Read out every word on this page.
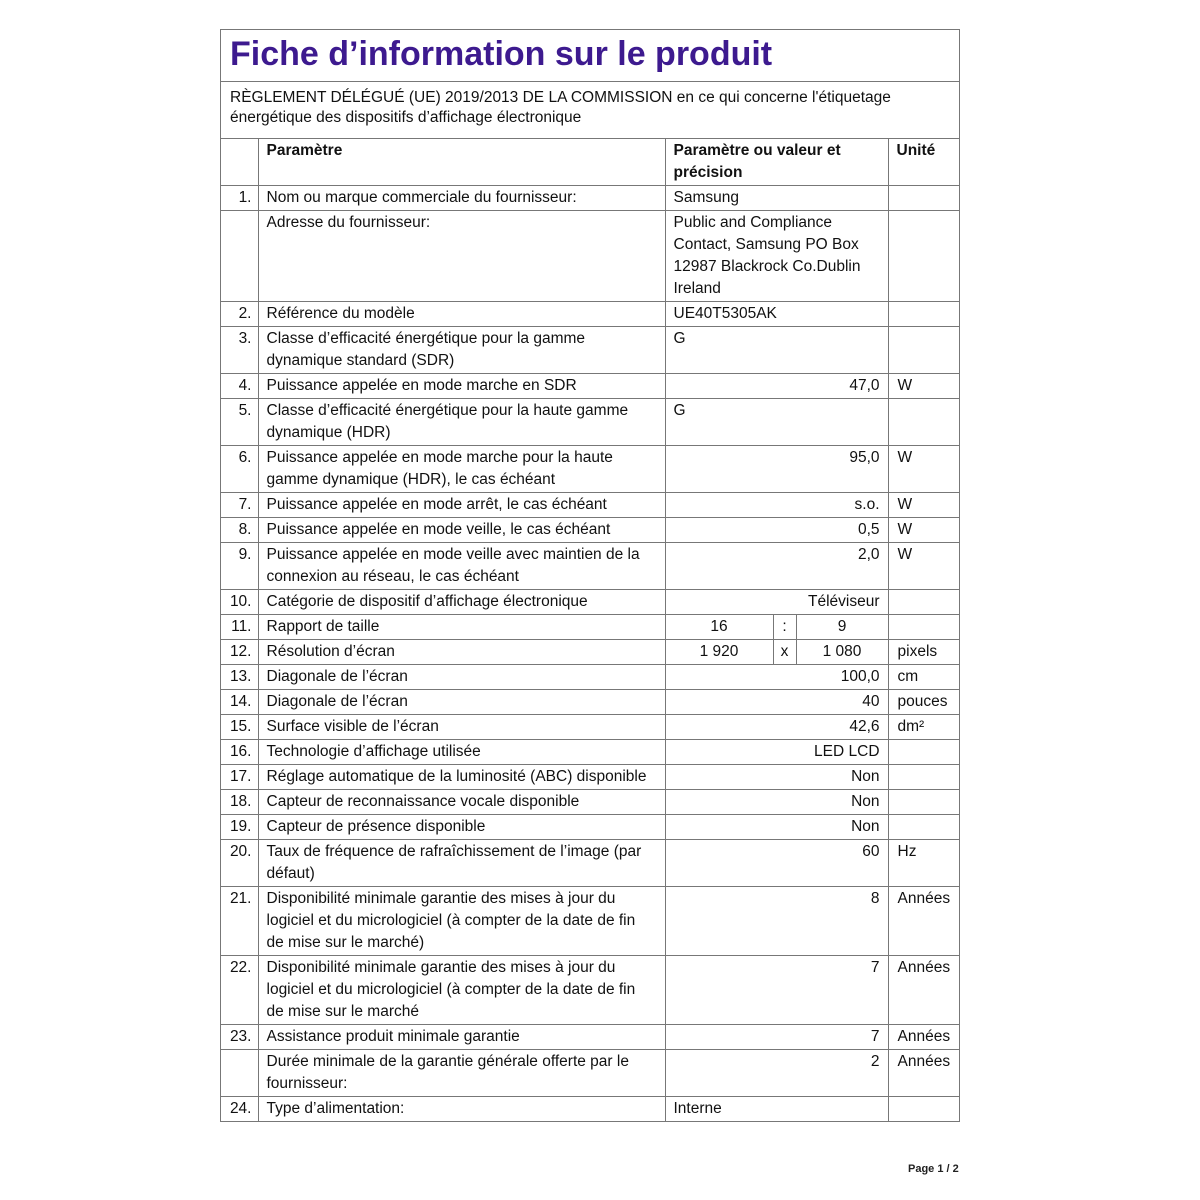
Fiche d’information sur le produit
RÈGLEMENT DÉLÉGUÉ (UE) 2019/2013 DE LA COMMISSION en ce qui concerne l'étiquetage énergétique des dispositifs d’affichage électronique
	Paramètre	Paramètre ou valeur et précision			Unité
1.	Nom ou marque commerciale du fournisseur:	Samsung			
	Adresse du fournisseur:	Public and Compliance Contact, Samsung PO Box 12987 Blackrock Co.Dublin Ireland			
2.	Référence du modèle	UE40T5305AK			
3.	Classe d’efficacité énergétique pour la gamme dynamique standard (SDR)	G			
4.	Puissance appelée en mode marche en SDR	47,0			W
5.	Classe d’efficacité énergétique pour la haute gamme dynamique (HDR)	G			
6.	Puissance appelée en mode marche pour la haute gamme dynamique (HDR), le cas échéant	95,0			W
7.	Puissance appelée en mode arrêt, le cas échéant	s.o.			W
8.	Puissance appelée en mode veille, le cas échéant	0,5			W
9.	Puissance appelée en mode veille avec maintien de la connexion au réseau, le cas échéant	2,0			W
10.	Catégorie de dispositif d’affichage électronique	Téléviseur			
11.	Rapport de taille	16	:	9	
12.	Résolution d’écran	1 920	x	1 080	pixels
13.	Diagonale de l’écran	100,0			cm
14.	Diagonale de l’écran	40			pouces
15.	Surface visible de l’écran	42,6			dm²
16.	Technologie d’affichage utilisée	LED LCD			
17.	Réglage automatique de la luminosité (ABC) disponible	Non			
18.	Capteur de reconnaissance vocale disponible	Non			
19.	Capteur de présence disponible	Non			
20.	Taux de fréquence de rafraîchissement de l’image (par défaut)	60			Hz
21.	Disponibilité minimale garantie des mises à jour du logiciel et du micrologiciel (à compter de la date de fin de mise sur le marché)	8			Années
22.	Disponibilité minimale garantie des mises à jour du logiciel et du micrologiciel (à compter de la date de fin de mise sur le marché	7			Années
23.	Assistance produit minimale garantie	7			Années
	Durée minimale de la garantie générale offerte par le fournisseur:	2			Années
24.	Type d’alimentation:	Interne			
Page 1 / 2
